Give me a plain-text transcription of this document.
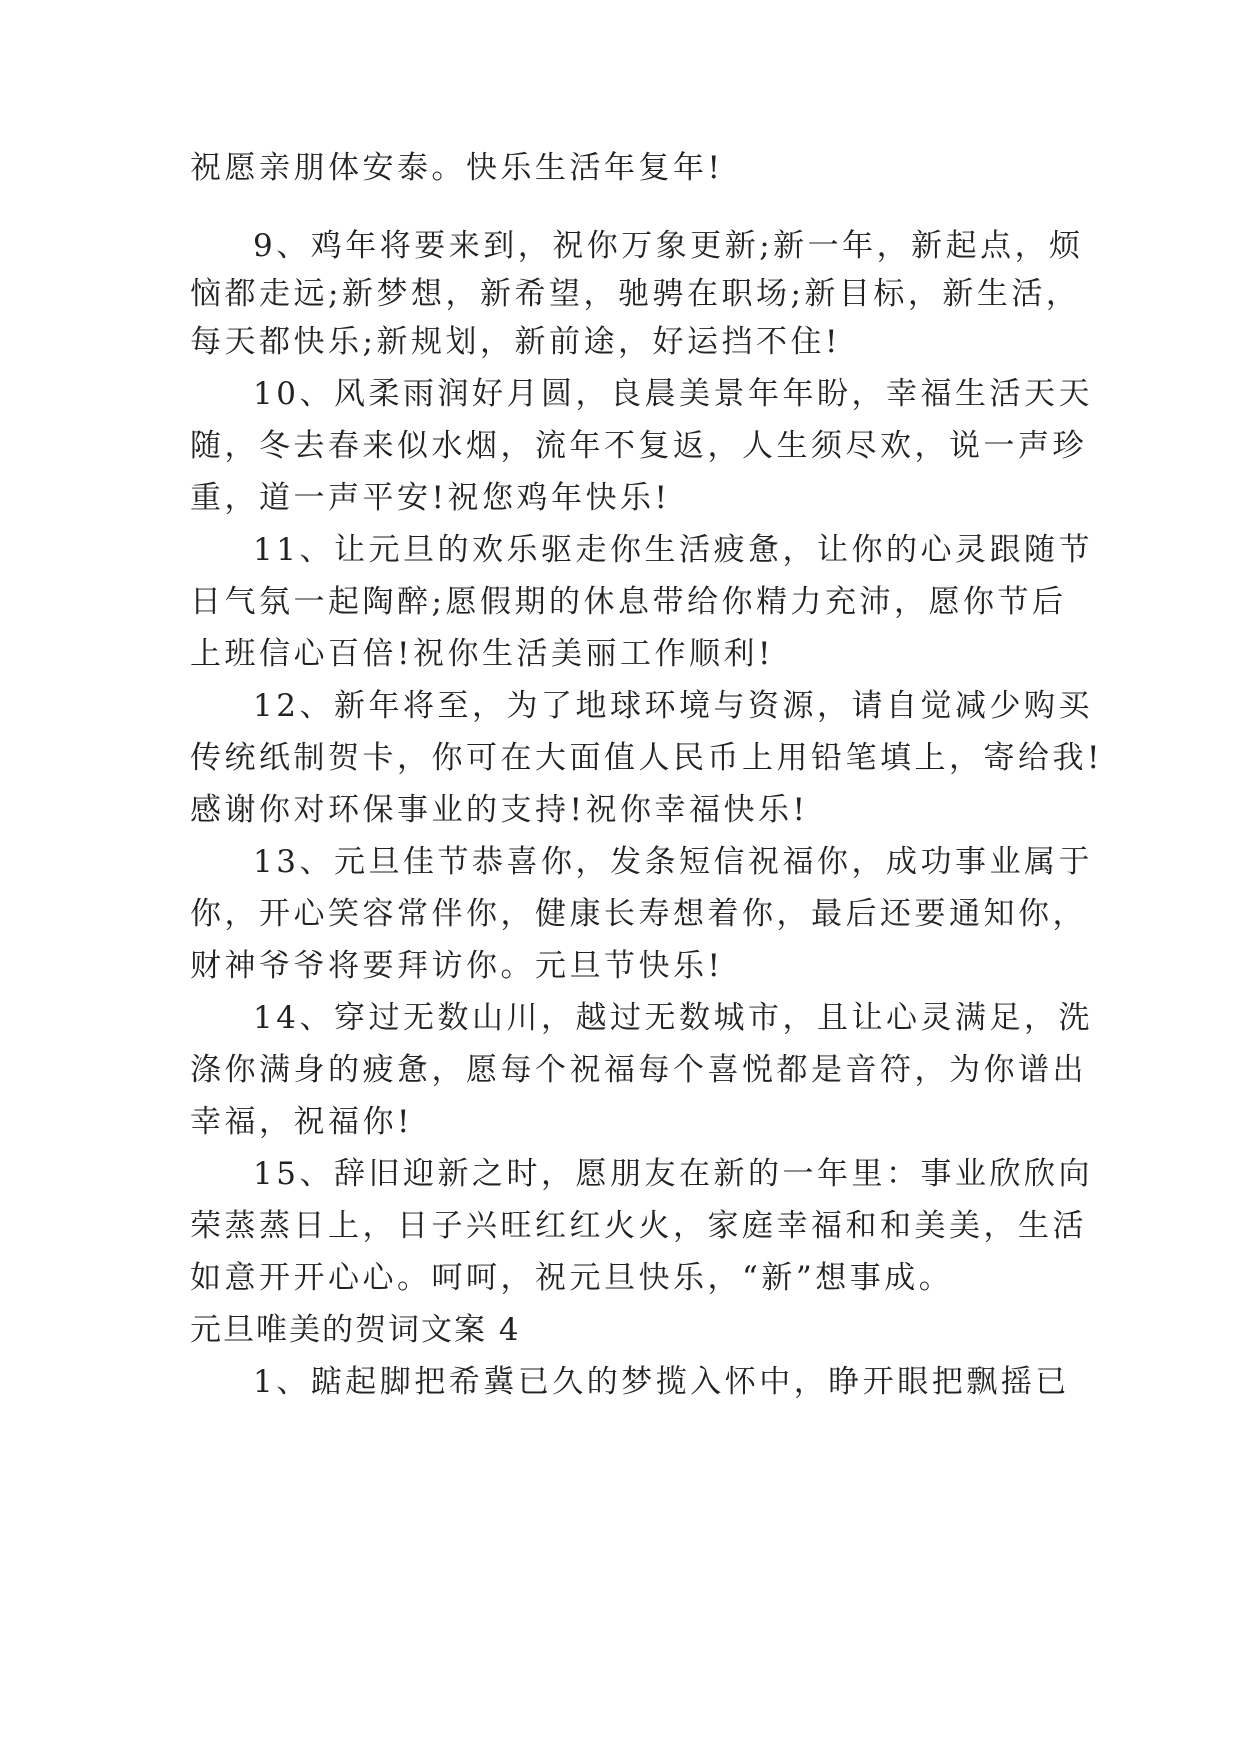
祝愿亲朋体安泰。快乐生活年复年!
9、鸡年将要来到，祝你万象更新;新一年，新起点，烦
恼都走远;新梦想，新希望，驰骋在职场;新目标，新生活，
每天都快乐;新规划，新前途，好运挡不住!
10、风柔雨润好月圆，良晨美景年年盼，幸福生活天天
随，冬去春来似水烟，流年不复返，人生须尽欢，说一声珍
重，道一声平安!祝您鸡年快乐!
11、让元旦的欢乐驱走你生活疲惫，让你的心灵跟随节
日气氛一起陶醉;愿假期的休息带给你精力充沛，愿你节后
上班信心百倍!祝你生活美丽工作顺利!
12、新年将至，为了地球环境与资源，请自觉减少购买
传统纸制贺卡，你可在大面值人民币上用铅笔填上，寄给我!
感谢你对环保事业的支持!祝你幸福快乐!
13、元旦佳节恭喜你，发条短信祝福你，成功事业属于
你，开心笑容常伴你，健康长寿想着你，最后还要通知你，
财神爷爷将要拜访你。元旦节快乐!
14、穿过无数山川，越过无数城市，且让心灵满足，洗
涤你满身的疲惫，愿每个祝福每个喜悦都是音符，为你谱出
幸福，祝福你!
15、辞旧迎新之时，愿朋友在新的一年里：事业欣欣向
荣蒸蒸日上，日子兴旺红红火火，家庭幸福和和美美，生活
如意开开心心。呵呵，祝元旦快乐，“新”想事成。
元旦唯美的贺词文案 4
1、踮起脚把希冀已久的梦揽入怀中，睁开眼把飘摇已
